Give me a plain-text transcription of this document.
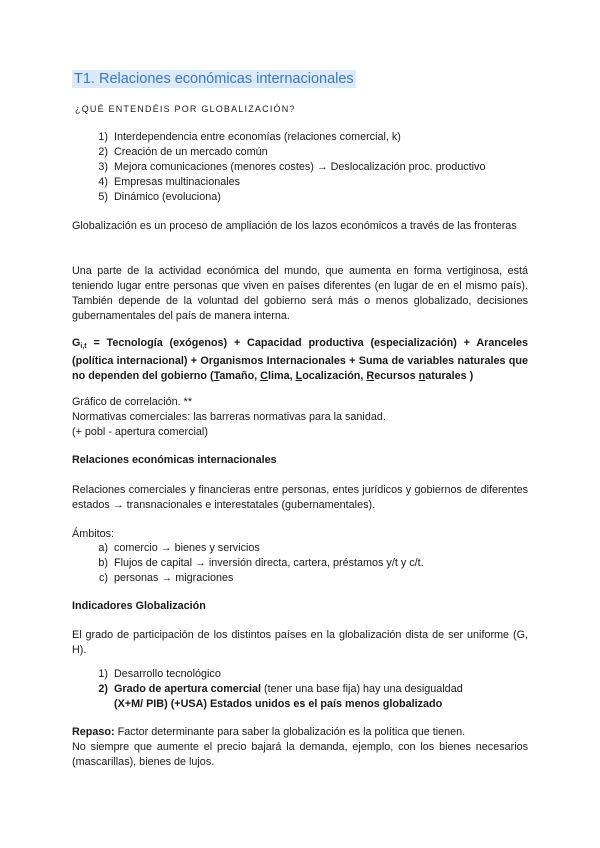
T1. Relaciones económicas internacionales

¿QUÉ ENTENDÉIS POR GLOBALIZACIÓN?

1) Interdependencia entre economías (relaciones comercial, k)
2) Creación de un mercado común
3) Mejora comunicaciones (menores costes) → Deslocalización proc. productivo
4) Empresas multinacionales
5) Dinámico (evoluciona)

Globalización es un proceso de ampliación de los lazos económicos a través de las fronteras

Una parte de la actividad económica del mundo, que aumenta en forma vertiginosa, está teniendo lugar entre personas que viven en países diferentes (en lugar de en el mismo país). También depende de la voluntad del gobierno será más o menos globalizado, decisiones gubernamentales del país de manera interna.

$G_{i,t}$ = Tecnología (exógenos) + Capacidad productiva (especialización) + Aranceles (política internacional) + Organismos Internacionales + Suma de variables naturales que no dependen del gobierno (Tamaño, Clima, Localización, Recursos naturales )

Gráfico de correlación. **
Normativas comerciales: las barreras normativas para la sanidad.
(+ pobl - apertura comercial)

Relaciones económicas internacionales

Relaciones comerciales y financieras entre personas, entes jurídicos y gobiernos de diferentes estados → transnacionales e interestatales (gubernamentales).

Ámbitos:

a) comercio → bienes y servicios
b) Flujos de capital → inversión directa, cartera, préstamos y/t y c/t.
c) personas → migraciones

Indicadores Globalización

El grado de participación de los distintos países en la globalización dista de ser uniforme (G, H).

1) Desarrollo tecnológico
2) Grado de apertura comercial (tener una base fija) hay una desigualdad
(X+M/ PIB) (+USA) Estados unidos es el país menos globalizado
Repaso: Factor determinante para saber la globalización es la política que tienen.
No siempre que aumente el precio bajará la demanda, ejemplo, con los bienes necesarios (mascarillas), bienes de lujos.
